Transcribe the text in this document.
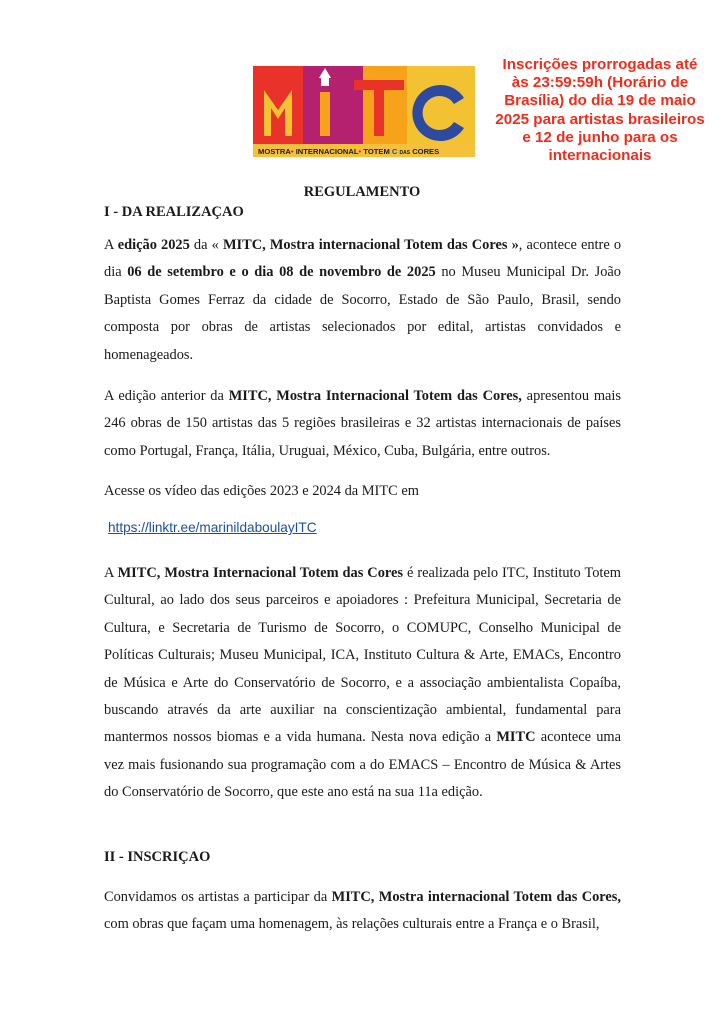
MOSTRA• INTERNACIONAL• TOTEM C DAS CORES
Inscrições prorrogadas até
às 23:59:59h (Horário de
Brasília) do dia 19 de maio
2025 para artistas brasileiros
e 12 de junho para os
internacionais
REGULAMENTO
I - DA REALIZAÇAO

A edição 2025 da « MITC, Mostra internacional Totem das Cores », acontece entre o dia 06 de setembro e o dia 08 de novembro de 2025 no Museu Municipal Dr. João Baptista Gomes Ferraz da cidade de Socorro, Estado de São Paulo, Brasil, sendo composta por obras de artistas selecionados por edital, artistas convidados e homenageados.

A edição anterior da MITC, Mostra Internacional Totem das Cores, apresentou mais 246 obras de 150 artistas das 5 regiões brasileiras e 32 artistas internacionais de países como Portugal, França, Itália, Uruguai, México, Cuba, Bulgária, entre outros.

Acesse os vídeo das edições 2023 e 2024 da MITC em

https://linktr.ee/marinildaboulayITC

A MITC, Mostra Internacional Totem das Cores é realizada pelo ITC, Instituto Totem Cultural, ao lado dos seus parceiros e apoiadores : Prefeitura Municipal, Secretaria de Cultura, e Secretaria de Turismo de Socorro, o COMUPC, Conselho Municipal de Políticas Culturais; Museu Municipal, ICA, Instituto Cultura & Arte, EMACs, Encontro de Música e Arte do Conservatório de Socorro, e a associação ambientalista Copaíba, buscando através da arte auxiliar na conscientização ambiental, fundamental para mantermos nossos biomas e a vida humana. Nesta nova edição a MITC acontece uma vez mais fusionando sua programação com a do EMACS – Encontro de Música & Artes do Conservatório de Socorro, que este ano está na sua 11a edição.

II - INSCRIÇAO

Convidamos os artistas a participar da MITC, Mostra internacional Totem das Cores, com obras que façam uma homenagem, às relações culturais entre a França e o Brasil,
